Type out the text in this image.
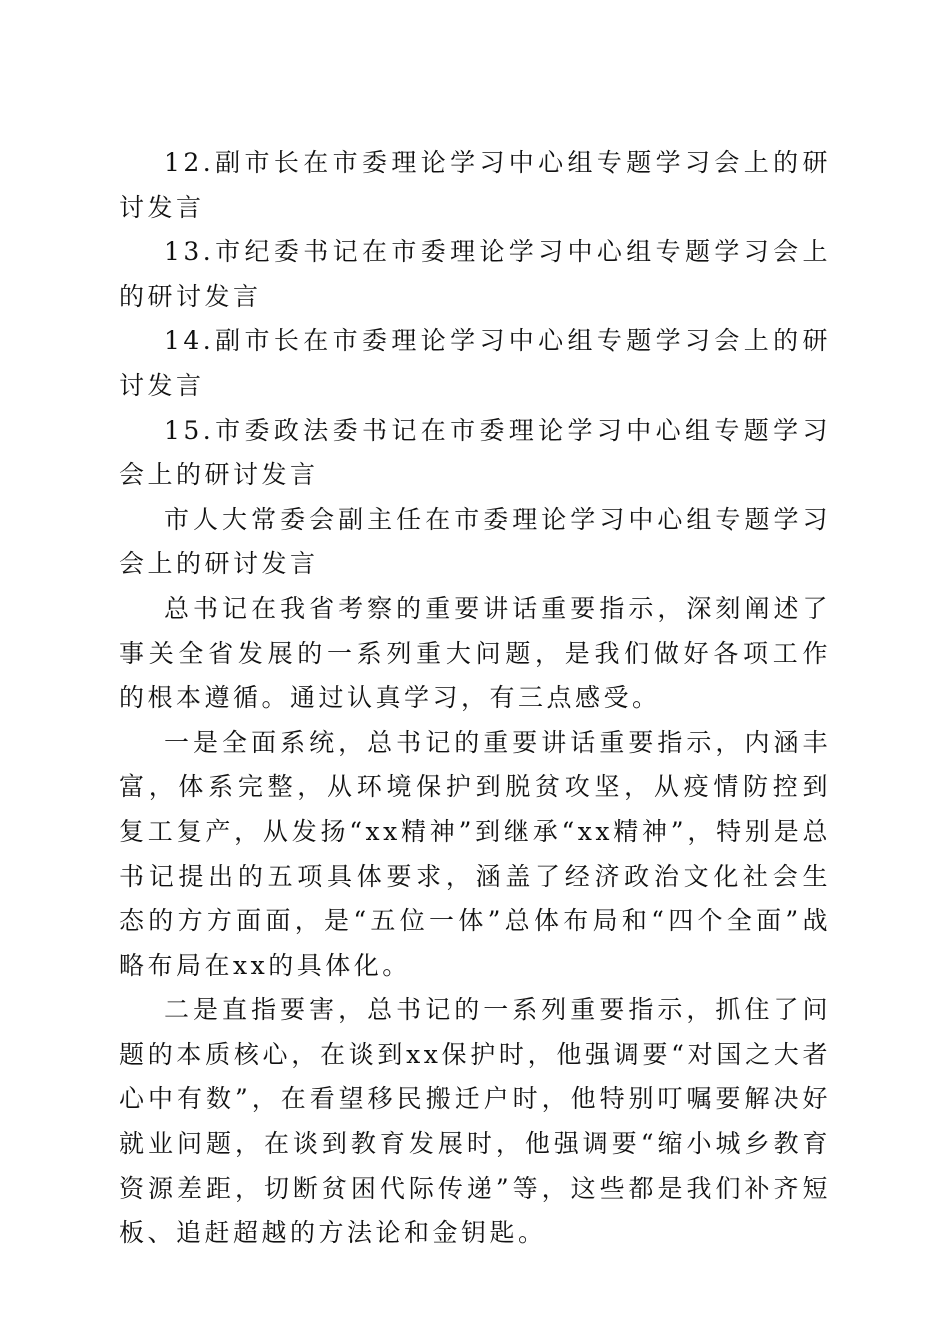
12.副市长在市委理论学习中心组专题学习会上的研讨发言

13.市纪委书记在市委理论学习中心组专题学习会上的研讨发言

14.副市长在市委理论学习中心组专题学习会上的研讨发言

15.市委政法委书记在市委理论学习中心组专题学习会上的研讨发言

市人大常委会副主任在市委理论学习中心组专题学习会上的研讨发言

总书记在我省考察的重要讲话重要指示，深刻阐述了事关全省发展的一系列重大问题，是我们做好各项工作的根本遵循。通过认真学习，有三点感受。

一是全面系统，总书记的重要讲话重要指示，内涵丰富，体系完整，从环境保护到脱贫攻坚，从疫情防控到复工复产，从发扬“xx精神”到继承“xx精神”，特别是总书记提出的五项具体要求，涵盖了经济政治文化社会生态的方方面面，是“五位一体”总体布局和“四个全面”战略布局在xx的具体化。

二是直指要害，总书记的一系列重要指示，抓住了问题的本质核心，在谈到xx保护时，他强调要“对国之大者心中有数”，在看望移民搬迁户时，他特别叮嘱要解决好就业问题，在谈到教育发展时，他强调要“缩小城乡教育资源差距，切断贫困代际传递”等，这些都是我们补齐短板、追赶超越的方法论和金钥匙。
